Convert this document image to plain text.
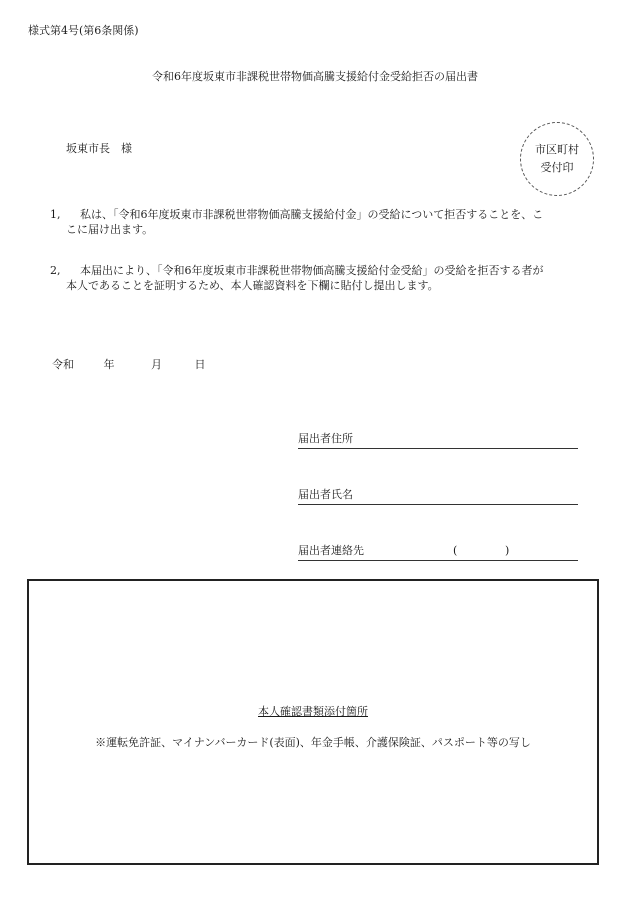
様式第4号(第6条関係)
令和6年度坂東市非課税世帯物価高騰支援給付金受給拒否の届出書
坂東市長　様	市区町村
受付印
1, 私は、「令和6年度坂東市非課税世帯物価高騰支援給付金」の受給について拒否することを、こ
こに届け出ます。
2, 本届出により、「令和6年度坂東市非課税世帯物価高騰支援給付金受給」の受給を拒否する者が
本人であることを証明するため、本人確認資料を下欄に貼付し提出します。
令和	年	月	日
届出者住所
届出者氏名
届出者連絡先	(	)
本人確認書類添付箇所
※運転免許証、マイナンバーカード(表面)、年金手帳、介護保険証、パスポート等の写し
